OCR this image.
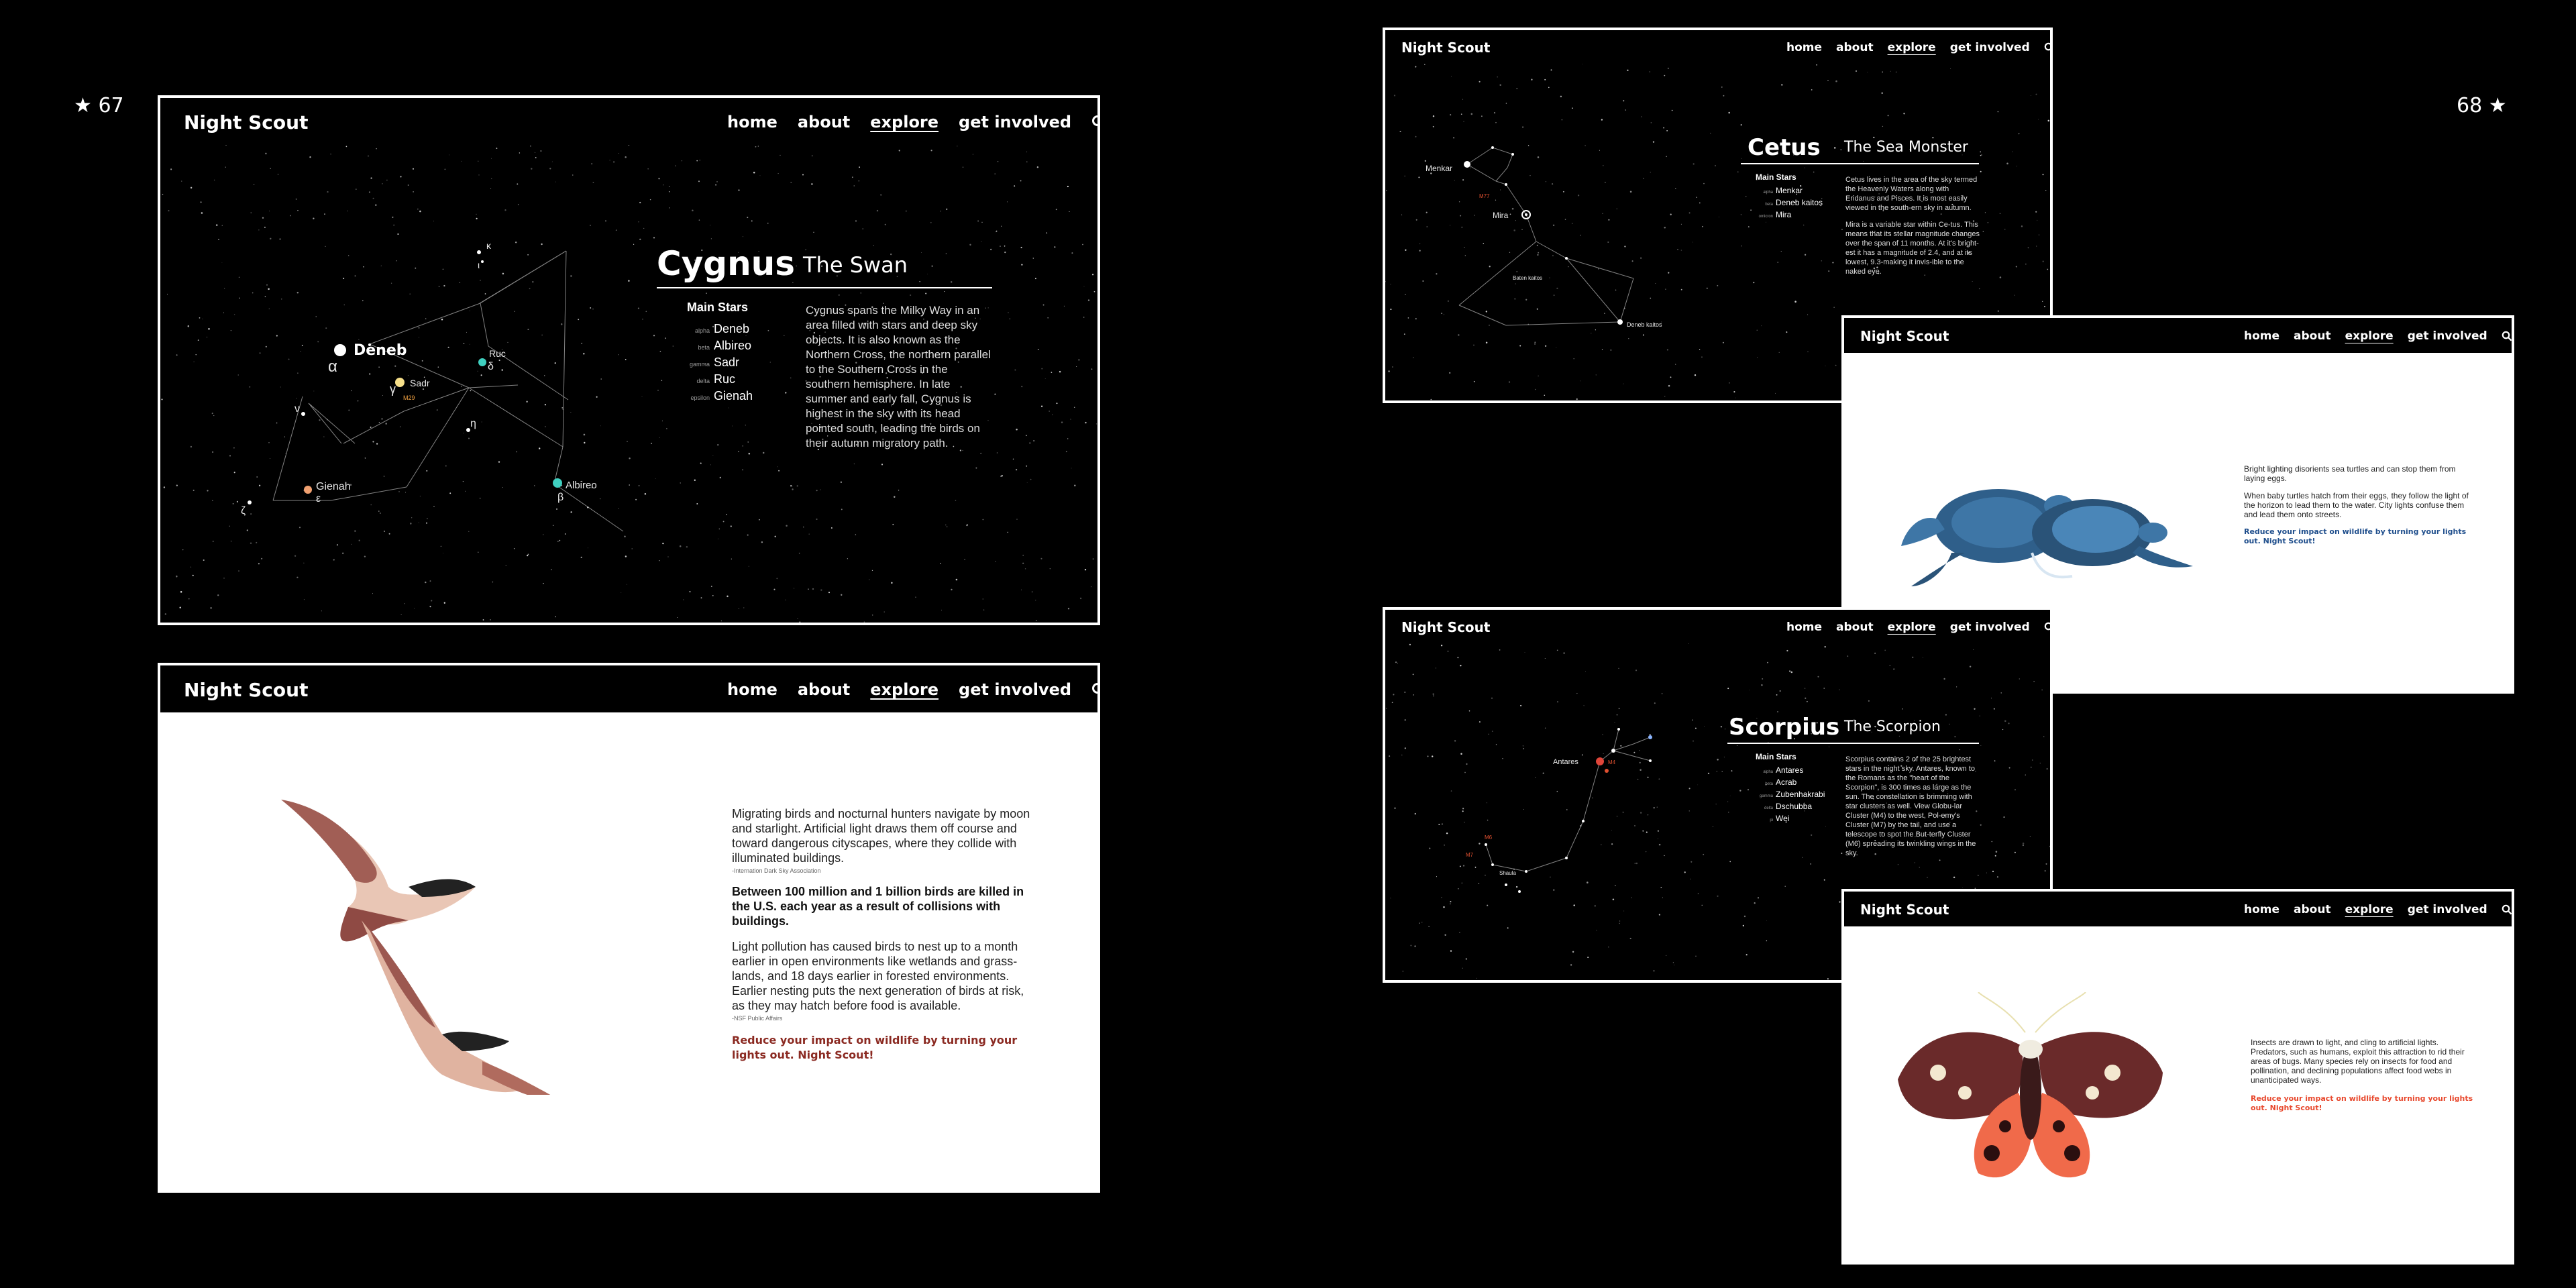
★ 67	68 ★
Night Scout	home about explore get involved
Deneb
α
Sadr
γ
M29
Ruc
δ
Gienah
ε
Albireo
β
η
κ
ι
ν
ζ
Cygnus The Swan
Main Stars
alpha Deneb
beta Albireo
gamma Sadr
delta Ruc
epsilon Gienah
Cygnus spans the Milky Way in an area filled with stars and deep sky objects. It is also known as the Northern Cross, the northern parallel to the Southern Cross in the southern hemisphere. In late summer and early fall, Cygnus is highest in the sky with its head pointed south, leading the birds on their autumn migratory path.
Night Scout	home about explore get involved

Migrating birds and nocturnal hunters navigate by moon and starlight. Artificial light draws them off course and toward dangerous cityscapes, where they collide with illuminated buildings.

-Internation Dark Sky Association

Between 100 million and 1 billion birds are killed in the U.S. each year as a result of collisions with buildings.

Light pollution has caused birds to nest up to a month earlier in open environments like wetlands and grass-lands, and 18 days earlier in forested environments. Earlier nesting puts the next generation of birds at risk, as they may hatch before food is available.

-NSF Public Affairs

Reduce your impact on wildlife by turning your lights out. Night Scout!

Night Scout	home about explore get involved
Menkar
Mira
M77
Baten kaitos
Deneb kaitos
Cetus The Sea Monster
Main Stars
alpha Menkar
beta Deneb kaitos
omicron Mira

Cetus lives in the area of the sky termed the Heavenly Waters along with Eridanus and Pisces. It is most easily viewed in the south-ern sky in autumn.

Mira is a variable star within Ce-tus. This means that its stellar magnitude changes over the span of 11 months. At it's bright-est it has a magnitude of 2.4, and at its lowest, 9.3-making it invis-ible to the naked eye.

Night Scout	home about explore get involved

Bright lighting disorients sea turtles and can stop them from laying eggs.

When baby turtles hatch from their eggs, they follow the light of the horizon to lead them to the water. City lights confuse them and lead them onto streets.

Reduce your impact on wildlife by turning your lights out. Night Scout!

Night Scout	home about explore get involved
Antares
Shaula
M4
M6
M7
Scorpius The Scorpion
Main Stars
alpha Antares
beta Acrab
gamma Zubenhakrabi
delta Dschubba
pi Wei
Scorpius contains 2 of the 25 brightest stars in the night sky. Antares, known to the Romans as the "heart of the Scorpion", is 300 times as large as the sun. The constellation is brimming with star clusters as well. View Globu-lar Cluster (M4) to the west, Pol-emy's Cluster (M7) by the tail, and use a telescope to spot the But-terfly Cluster (M6) spreading its twinkling wings in the sky.
Night Scout	home about explore get involved

Insects are drawn to light, and cling to artificial lights. Predators, such as humans, exploit this attraction to rid their areas of bugs. Many species rely on insects for food and pollination, and declining populations affect food webs in unanticipated ways.

Reduce your impact on wildlife by turning your lights out. Night Scout!
